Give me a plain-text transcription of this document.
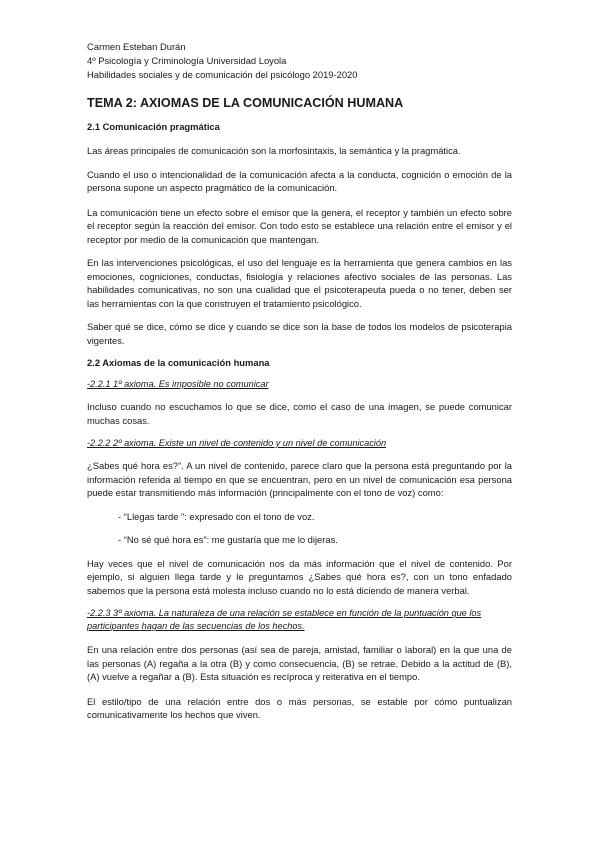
Carmen Esteban Durán
4º Psicología y Criminología Universidad Loyola
Habilidades sociales y de comunicación del psicólogo 2019-2020
TEMA 2: AXIOMAS DE LA COMUNICACIÓN HUMANA
2.1 Comunicación pragmática

Las áreas principales de comunicación son la morfosintaxis, la semántica y la pragmática.

Cuando el uso o intencionalidad de la comunicación afecta a la conducta, cognición o emoción de la persona supone un aspecto pragmático de la comunicación.

La comunicación tiene un efecto sobre el emisor que la genera, el receptor y también un efecto sobre el receptor según la reacción del emisor. Con todo esto se establece una relación entre el emisor y el receptor por medio de la comunicación que mantengan.

En las intervenciones psicológicas, el uso del lenguaje es la herramienta que genera cambios en las emociones, cogniciones, conductas, fisiología y relaciones afectivo sociales de las personas. Las habilidades comunicativas, no son una cualidad que el psicoterapeuta pueda o no tener, deben ser las herramientas con la que construyen el tratamiento psicológico.

Saber qué se dice, cómo se dice y cuando se dice son la base de todos los modelos de psicoterapia vigentes.

2.2 Axiomas de la comunicación humana
-2.2.1 1º axioma. Es imposible no comunicar

Incluso cuando no escuchamos lo que se dice, como el caso de una imagen, se puede comunicar muchas cosas.

-2.2.2 2º axioma. Existe un nivel de contenido y un nivel de comunicación

¿Sabes qué hora es?”. A un nivel de contenido, parece claro que la persona está preguntando por la información referida al tiempo en que se encuentran, pero en un nivel de comunicación esa persona puede estar transmitiendo más información (principalmente con el tono de voz) como:

- “Llegas tarde ”: expresado con el tono de voz.
- “No sé qué hora es”: me gustaría que me lo dijeras.

Hay veces que el nivel de comunicación nos da más información que el nivel de contenido. Por ejemplo, si alguien llega tarde y le preguntamos ¿Sabes qué hora es?, con un tono enfadado sabemos que la persona está molesta incluso cuando no lo está diciendo de manera verbal.

-2.2.3 3º axioma. La naturaleza de una relación se establece en función de la puntuación que los participantes hagan de las secuencias de los hechos.

En una relación entre dos personas (así sea de pareja, amistad, familiar o laboral) en la que una de las personas (A) regaña a la otra (B) y como consecuencia, (B) se retrae. Debido a la actitud de (B), (A) vuelve a regañar a (B). Esta situación es recíproca y reiterativa en el tiempo.

El estilo/tipo de una relación entre dos o más personas, se estable por cómo puntualizan comunicativamente los hechos que viven.
